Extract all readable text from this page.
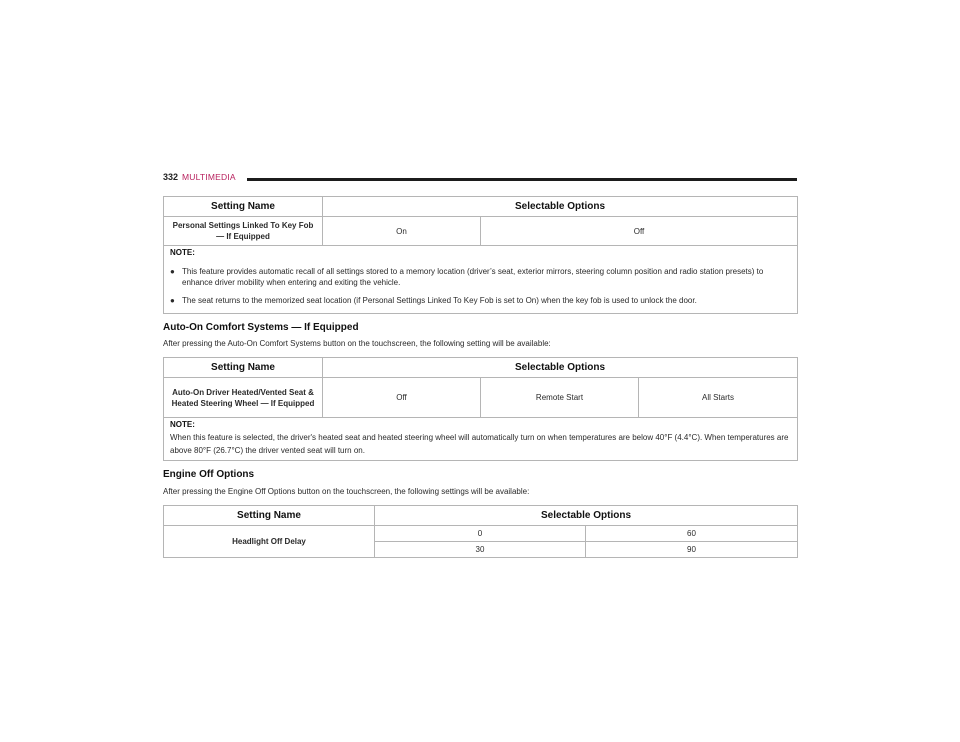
332 MULTIMEDIA
Setting Name	Selectable Options	
Personal Settings Linked To Key Fob — If Equipped	On	Off

NOTE:
● This feature provides automatic recall of all settings stored to a memory location (driver’s seat, exterior mirrors, steering column position and radio station presets) to enhance driver mobility when entering and exiting the vehicle.
● The seat returns to the memorized seat location (if Personal Settings Linked To Key Fob is set to On) when the key fob is used to unlock the door.		
Auto-On Comfort Systems — If Equipped

After pressing the Auto-On Comfort Systems button on the touchscreen, the following setting will be available:

Setting Name	Selectable Options		
Auto-On Driver Heated/Vented Seat & Heated Steering Wheel — If Equipped	Off	Remote Start	All Starts

NOTE:
When this feature is selected, the driver's heated seat and heated steering wheel will automatically turn on when temperatures are below 40°F (4.4°C). When temperatures are above 80°F (26.7°C) the driver vented seat will turn on.			
Engine Off Options

After pressing the Engine Off Options button on the touchscreen, the following settings will be available:

Setting Name	Selectable Options	
Headlight Off Delay	0	60
	30	90
